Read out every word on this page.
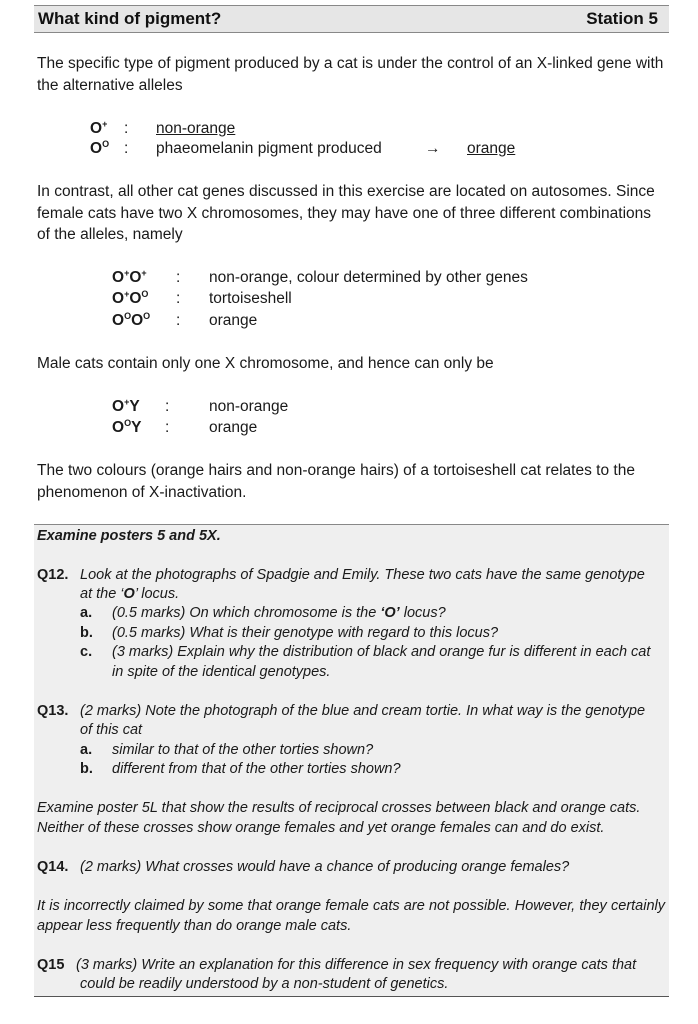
What kind of pigment?	Station 5

The specific type of pigment produced by a cat is under the control of an X-linked gene with the alternative alleles

O+ : non-orange
$O^O$ : phaeomelanin pigment produced	→ orange

In contrast, all other cat genes discussed in this exercise are located on autosomes. Since female cats have two X chromosomes, they may have one of three different combinations of the alleles, namely

O+O+ : non-orange, colour determined by other genes
$O^+O^O$ : tortoiseshell
$O^OO^O$ : orange

Male cats contain only one X chromosome, and hence can only be

O+Y :	non-orange
$O^OY$ :	orange

The two colours (orange hairs and non-orange hairs) of a tortoiseshell cat relates to the phenomenon of X-inactivation.

Examine posters 5 and 5X.

Q12. Look at the photographs of Spadgie and Emily. These two cats have the same genotype
at the ‘O’ locus.
a. (0.5 marks) On which chromosome is the ‘O’ locus?
b. (0.5 marks) What is their genotype with regard to this locus?
c. (3 marks) Explain why the distribution of black and orange fur is different in each cat
in spite of the identical genotypes.
Q13. (2 marks) Note the photograph of the blue and cream tortie. In what way is the genotype
of this cat
a. similar to that of the other torties shown?
b. different from that of the other torties shown?

Examine poster 5L that show the results of reciprocal crosses between black and orange cats. Neither of these crosses show orange females and yet orange females can and do exist.

Q14. (2 marks) What crosses would have a chance of producing orange females?

It is incorrectly claimed by some that orange female cats are not possible. However, they certainly appear less frequently than do orange male cats.

Q15 (3 marks) Write an explanation for this difference in sex frequency with orange cats that
could be readily understood by a non-student of genetics.
